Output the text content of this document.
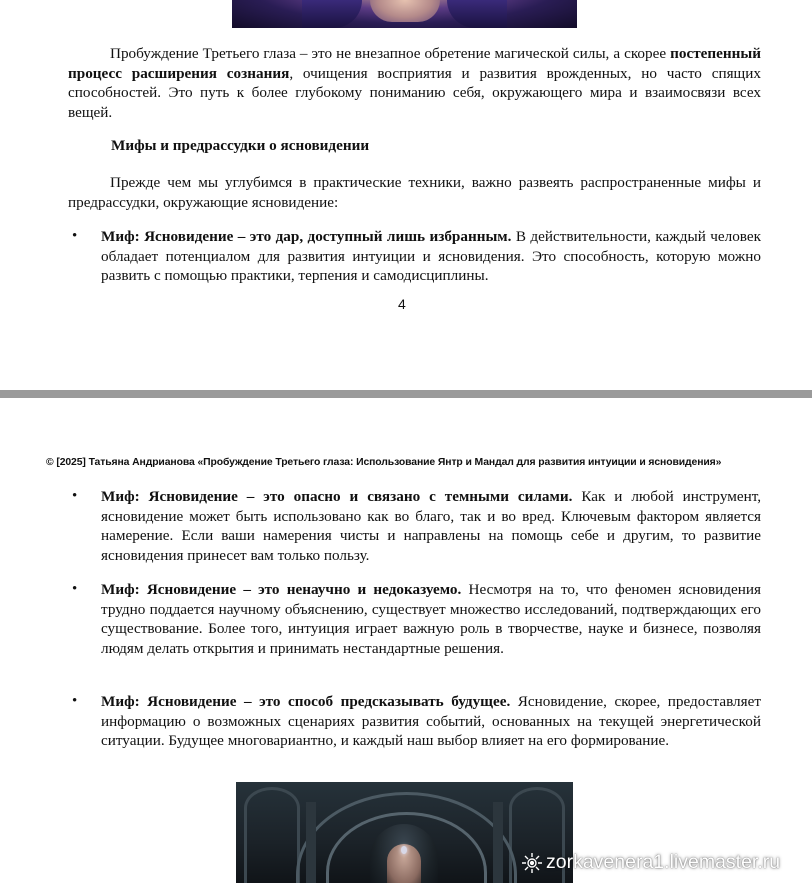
Пробуждение Третьего глаза – это не внезапное обретение магической силы, а скорее постепенный процесс расширения сознания, очищения восприятия и развития врожденных, но часто спящих способностей. Это путь к более глубокому пониманию себя, окружающего мира и взаимосвязи всех вещей.

Мифы и предрассудки о ясновидении

Прежде чем мы углубимся в практические техники, важно развеять распространенные мифы и предрассудки, окружающие ясновидение:

• Миф: Ясновидение – это дар, доступный лишь избранным. В действительности, каждый человек обладает потенциалом для развития интуиции и ясновидения. Это способность, которую можно развить с помощью практики, терпения и самодисциплины.

4
© [2025] Татьяна Андрианова «Пробуждение Третьего глаза: Использование Янтр и Мандал для развития интуиции и ясновидения»

• Миф: Ясновидение – это опасно и связано с темными силами. Как и любой инструмент, ясновидение может быть использовано как во благо, так и во вред. Ключевым фактором является намерение. Если ваши намерения чисты и направлены на помощь себе и другим, то развитие ясновидения принесет вам только пользу.

• Миф: Ясновидение – это ненаучно и недоказуемо. Несмотря на то, что феномен ясновидения трудно поддается научному объяснению, существует множество исследований, подтверждающих его существование. Более того, интуиция играет важную роль в творчестве, науке и бизнесе, позволяя людям делать открытия и принимать нестандартные решения.

• Миф: Ясновидение – это способ предсказывать будущее. Ясновидение, скорее, предоставляет информацию о возможных сценариях развития событий, основанных на текущей энергетической ситуации. Будущее многовариантно, и каждый наш выбор влияет на его формирование.

zorkavenera1.livemaster.ru
